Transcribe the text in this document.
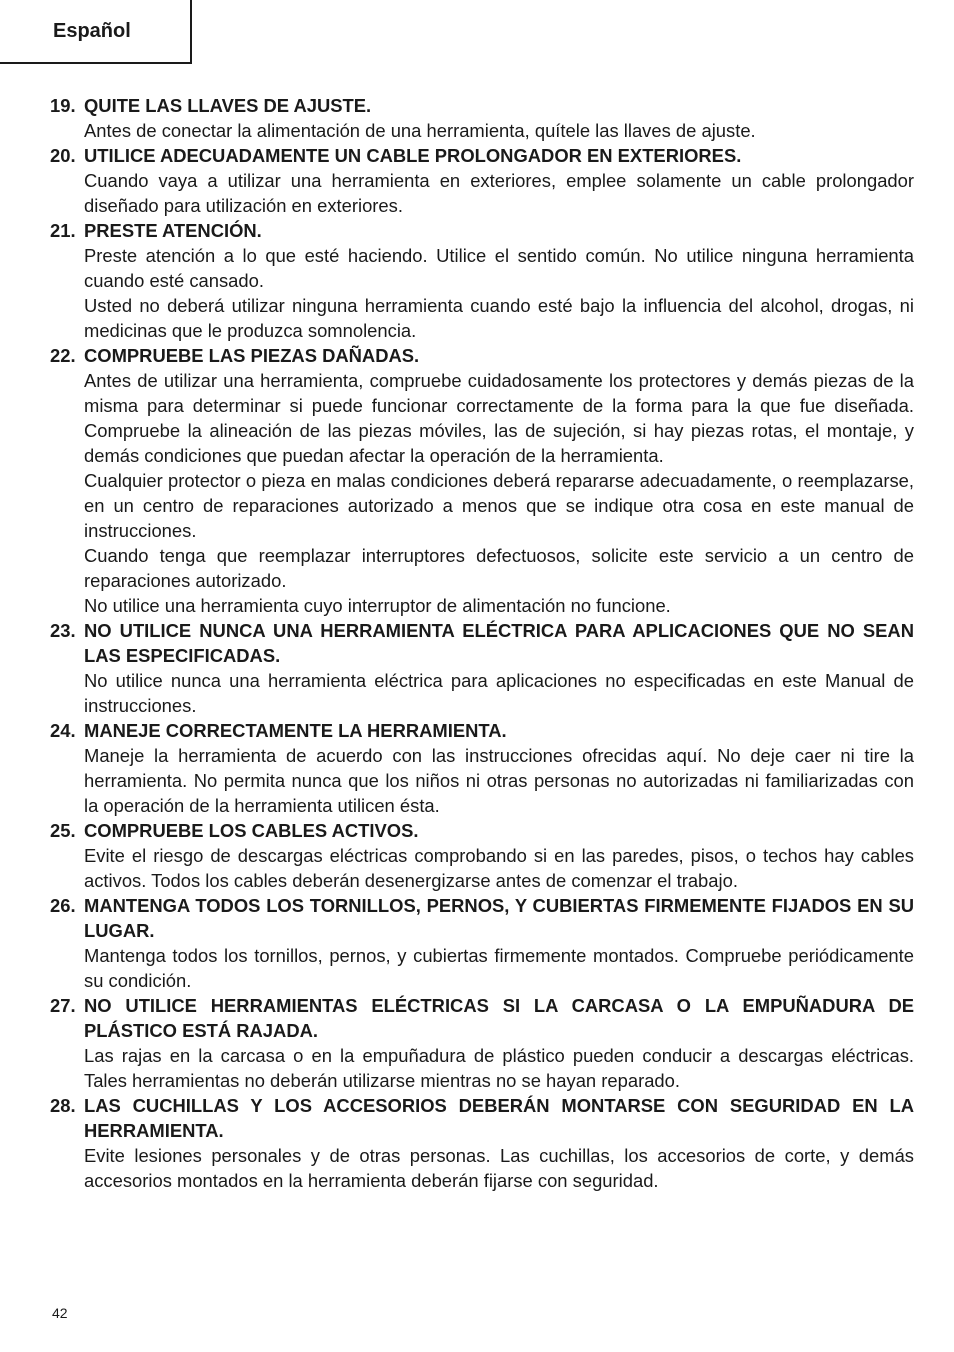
Español
19. QUITE LAS LLAVES DE AJUSTE.
Antes de conectar la alimentación de una herramienta, quítele las llaves de ajuste.
20. UTILICE ADECUADAMENTE UN CABLE PROLONGADOR EN EXTERIORES.
Cuando vaya a utilizar una herramienta en exteriores, emplee solamente un cable prolongador diseñado para utilización en exteriores.
21. PRESTE ATENCIÓN.
Preste atención a lo que esté haciendo. Utilice el sentido común. No utilice ninguna herramienta cuando esté cansado.
Usted no deberá utilizar ninguna herramienta cuando esté bajo la influencia del alcohol, drogas, ni medicinas que le produzca somnolencia.
22. COMPRUEBE LAS PIEZAS DAÑADAS.
Antes de utilizar una herramienta, compruebe cuidadosamente los protectores y demás piezas de la misma para determinar si puede funcionar correctamente de la forma para la que fue diseñada. Compruebe la alineación de las piezas móviles, las de sujeción, si hay piezas rotas, el montaje, y demás condiciones que puedan afectar la operación de la herramienta.
Cualquier protector o pieza en malas condiciones deberá repararse adecuadamente, o reemplazarse, en un centro de reparaciones autorizado a menos que se indique otra cosa en este manual de instrucciones.
Cuando tenga que reemplazar interruptores defectuosos, solicite este servicio a un centro de reparaciones autorizado.
No utilice una herramienta cuyo interruptor de alimentación no funcione.
23. NO UTILICE NUNCA UNA HERRAMIENTA ELÉCTRICA PARA APLICACIONES QUE NO SEAN LAS ESPECIFICADAS.
No utilice nunca una herramienta eléctrica para aplicaciones no especificadas en este Manual de instrucciones.
24. MANEJE CORRECTAMENTE LA HERRAMIENTA.
Maneje la herramienta de acuerdo con las instrucciones ofrecidas aquí. No deje caer ni tire la herramienta. No permita nunca que los niños ni otras personas no autorizadas ni familiarizadas con la operación de la herramienta utilicen ésta.
25. COMPRUEBE LOS CABLES ACTIVOS.
Evite el riesgo de descargas eléctricas comprobando si en las paredes, pisos, o techos hay cables activos. Todos los cables deberán desenergizarse antes de comenzar el trabajo.
26. MANTENGA TODOS LOS TORNILLOS, PERNOS, Y CUBIERTAS FIRMEMENTE FIJADOS EN SU LUGAR.
Mantenga todos los tornillos, pernos, y cubiertas firmemente montados. Compruebe periódicamente su condición.
27. NO UTILICE HERRAMIENTAS ELÉCTRICAS SI LA CARCASA O LA EMPUÑADURA DE PLÁSTICO ESTÁ RAJADA.
Las rajas en la carcasa o en la empuñadura de plástico pueden conducir a descargas eléctricas. Tales herramientas no deberán utilizarse mientras no se hayan reparado.
28. LAS CUCHILLAS Y LOS ACCESORIOS DEBERÁN MONTARSE CON SEGURIDAD EN LA HERRAMIENTA.
Evite lesiones personales y de otras personas. Las cuchillas, los accesorios de corte, y demás accesorios montados en la herramienta deberán fijarse con seguridad.
42
